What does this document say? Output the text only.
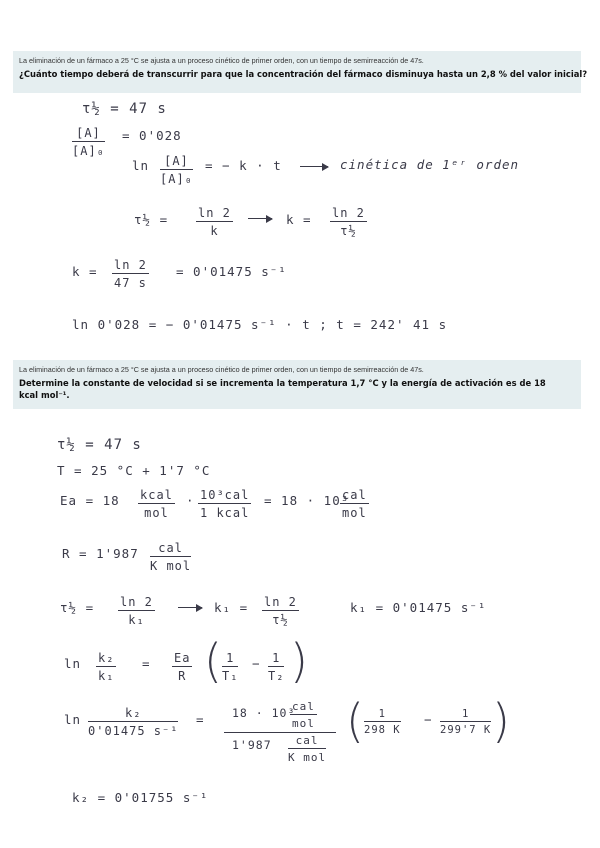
La eliminación de un fármaco a 25 °C se ajusta a un proceso cinético de primer orden, con un tiempo de semirreacción de 47s.
¿Cuánto tiempo deberá de transcurrir para que la concentración del fármaco disminuya hasta un 2,8 % del valor inicial?
τ½ = 47 s
$\frac{[A]}{\text{[A]₀}} = 0'028$
$\ln \frac{[A]}{\text{[A]₀}}$ = − k · t	cinética de 1ᵉʳ orden
τ½ = $\frac{\ln 2}{k}$	$k = \frac{\ln 2}{\text{τ½}}$
$k = \frac{\ln 2}{47 s} = 0'01475$ s⁻¹
ln 0'028 = − 0'01475 s⁻¹ · t ; t = 242' 41 s
La eliminación de un fármaco a 25 °C se ajusta a un proceso cinético de primer orden, con un tiempo de semirreacción de 47s.
Determine la constante de velocidad si se incrementa la temperatura 1,7 °C y la energía de activación es de 18 kcal mol⁻¹.
τ½ = 47 s
T = 25 °C + 1'7 °C
Ea = 18 kcal
mol
· 10³cal
1 kcal
= 18 · 10³
cal
mol
R = 1'987	cal
K mol
τ½ = $\frac{\ln 2}{\text{k₁}}$	$k_1 = \frac{\ln 2}{\text{τ½}}$	k₁ = 0'01475 s⁻¹
$\ln \frac{\text{k₂}}{\text{k₁}} = \frac{Ea}{R}$ ( $\frac{1}{\text{T₁}} - \frac{1}{\text{T₂}}$ )
$\ln \frac{\text{k₂}}{\text{0'01475 s⁻¹}} = 18 \cdot 10^3$
cal
mol
1'987	cal
K mol
( $\frac{1}{298 K} - \frac{1}{299'7 K}$ )
k₂ = 0'01755 s⁻¹
